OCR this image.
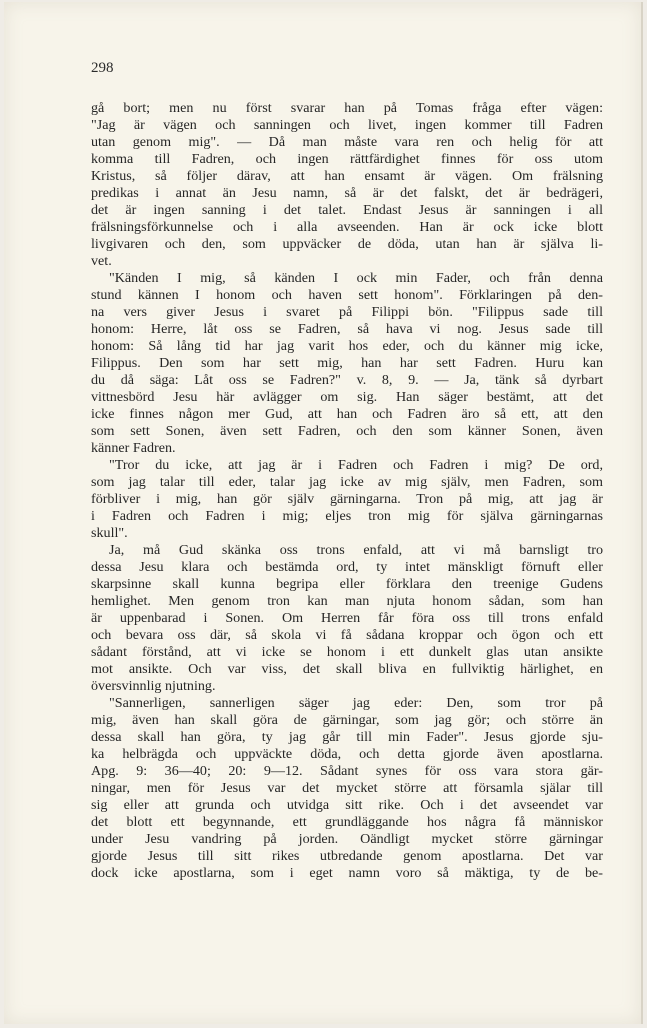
298
gå bort; men nu först svarar han på Tomas fråga efter vägen:
"Jag är vägen och sanningen och livet, ingen kommer till Fadren
utan genom mig". — Då man måste vara ren och helig för att
komma till Fadren, och ingen rättfärdighet finnes för oss utom
Kristus, så följer därav, att han ensamt är vägen. Om frälsning
predikas i annat än Jesu namn, så är det falskt, det är bedrägeri,
det är ingen sanning i det talet. Endast Jesus är sanningen i all
frälsningsförkunnelse och i alla avseenden. Han är ock icke blott
livgivaren och den, som uppväcker de döda, utan han är själva li-
vet.
"Känden I mig, så känden I ock min Fader, och från denna
stund kännen I honom och haven sett honom". Förklaringen på den-
na vers giver Jesus i svaret på Filippi bön. "Filippus sade till
honom: Herre, låt oss se Fadren, så hava vi nog. Jesus sade till
honom: Så lång tid har jag varit hos eder, och du känner mig icke,
Filippus. Den som har sett mig, han har sett Fadren. Huru kan
du då säga: Låt oss se Fadren?" v. 8, 9. — Ja, tänk så dyrbart
vittnesbörd Jesu här avlägger om sig. Han säger bestämt, att det
icke finnes någon mer Gud, att han och Fadren äro så ett, att den
som sett Sonen, även sett Fadren, och den som känner Sonen, även
känner Fadren.
"Tror du icke, att jag är i Fadren och Fadren i mig? De ord,
som jag talar till eder, talar jag icke av mig själv, men Fadren, som
förbliver i mig, han gör själv gärningarna. Tron på mig, att jag är
i Fadren och Fadren i mig; eljes tron mig för själva gärningarnas
skull".
Ja, må Gud skänka oss trons enfald, att vi må barnsligt tro
dessa Jesu klara och bestämda ord, ty intet mänskligt förnuft eller
skarpsinne skall kunna begripa eller förklara den treenige Gudens
hemlighet. Men genom tron kan man njuta honom sådan, som han
är uppenbarad i Sonen. Om Herren får föra oss till trons enfald
och bevara oss där, så skola vi få sådana kroppar och ögon och ett
sådant förstånd, att vi icke se honom i ett dunkelt glas utan ansikte
mot ansikte. Och var viss, det skall bliva en fullviktig härlighet, en
översvinnlig njutning.
"Sannerligen, sannerligen säger jag eder: Den, som tror på
mig, även han skall göra de gärningar, som jag gör; och större än
dessa skall han göra, ty jag går till min Fader". Jesus gjorde sju-
ka helbrägda och uppväckte döda, och detta gjorde även apostlarna.
Apg. 9: 36—40; 20: 9—12. Sådant synes för oss vara stora gär-
ningar, men för Jesus var det mycket större att församla själar till
sig eller att grunda och utvidga sitt rike. Och i det avseendet var
det blott ett begynnande, ett grundläggande hos några få människor
under Jesu vandring på jorden. Oändligt mycket större gärningar
gjorde Jesus till sitt rikes utbredande genom apostlarna. Det var
dock icke apostlarna, som i eget namn voro så mäktiga, ty de be-
